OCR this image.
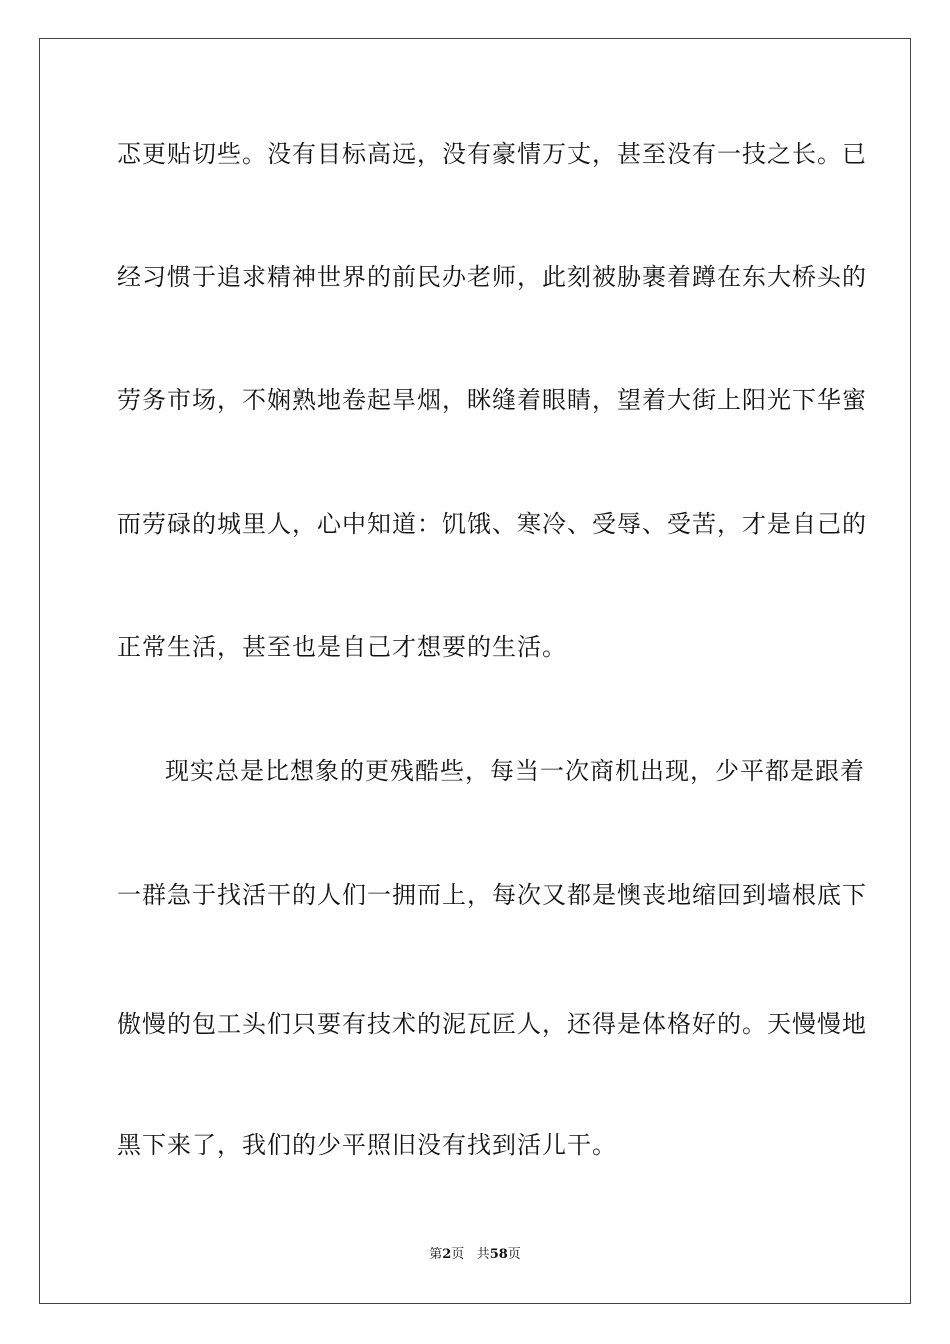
忑更贴切些。没有目标高远，没有豪情万丈，甚至没有一技之长。已
经习惯于追求精神世界的前民办老师，此刻被胁裹着蹲在东大桥头的
劳务市场，不娴熟地卷起旱烟，眯缝着眼睛，望着大街上阳光下华蜜
而劳碌的城里人，心中知道：饥饿、寒冷、受辱、受苦，才是自己的
正常生活，甚至也是自己才想要的生活。
现实总是比想象的更残酷些，每当一次商机出现，少平都是跟着
一群急于找活干的人们一拥而上，每次又都是懊丧地缩回到墙根底下
傲慢的包工头们只要有技术的泥瓦匠人，还得是体格好的。天慢慢地
黑下来了，我们的少平照旧没有找到活儿干。
第2页 共58页
